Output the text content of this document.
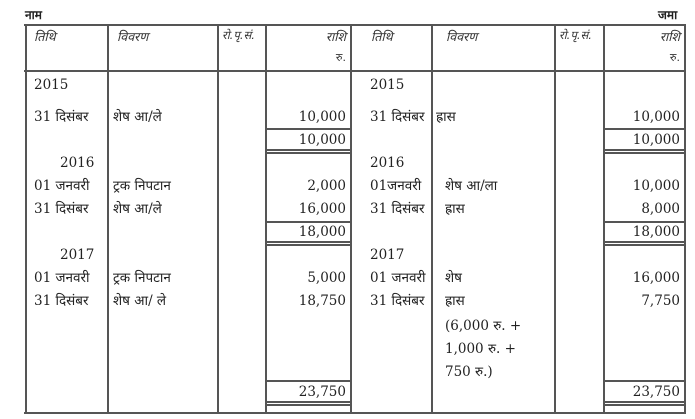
नाम	जमा
तिथि	विवरण	रो.पृ.सं.	राशि
रु.
तिथि	विवरण	रो.पृ.सं.	राशि
रु.
2015
31 दिसंबर शेष आ/ले	10,000
10,000
2016
01 जनवरी ट्रक निपटान	2,000
31 दिसंबर शेष आ/ले	16,000
18,000
2017
01 जनवरी ट्रक निपटान	5,000
31 दिसंबर शेष आ/ ले	18,750
23,750
2015
31 दिसंबर ह्रास	10,000
10,000
2016
01जनवरी शेष आ/ला	10,000
31 दिसंबर ह्रास	8,000
18,000
2017
01 जनवरी शेष	16,000
31 दिसंबर ह्रास	7,750
(6,000 रु. +
1,000 रु. +
750 रु.)
23,750
